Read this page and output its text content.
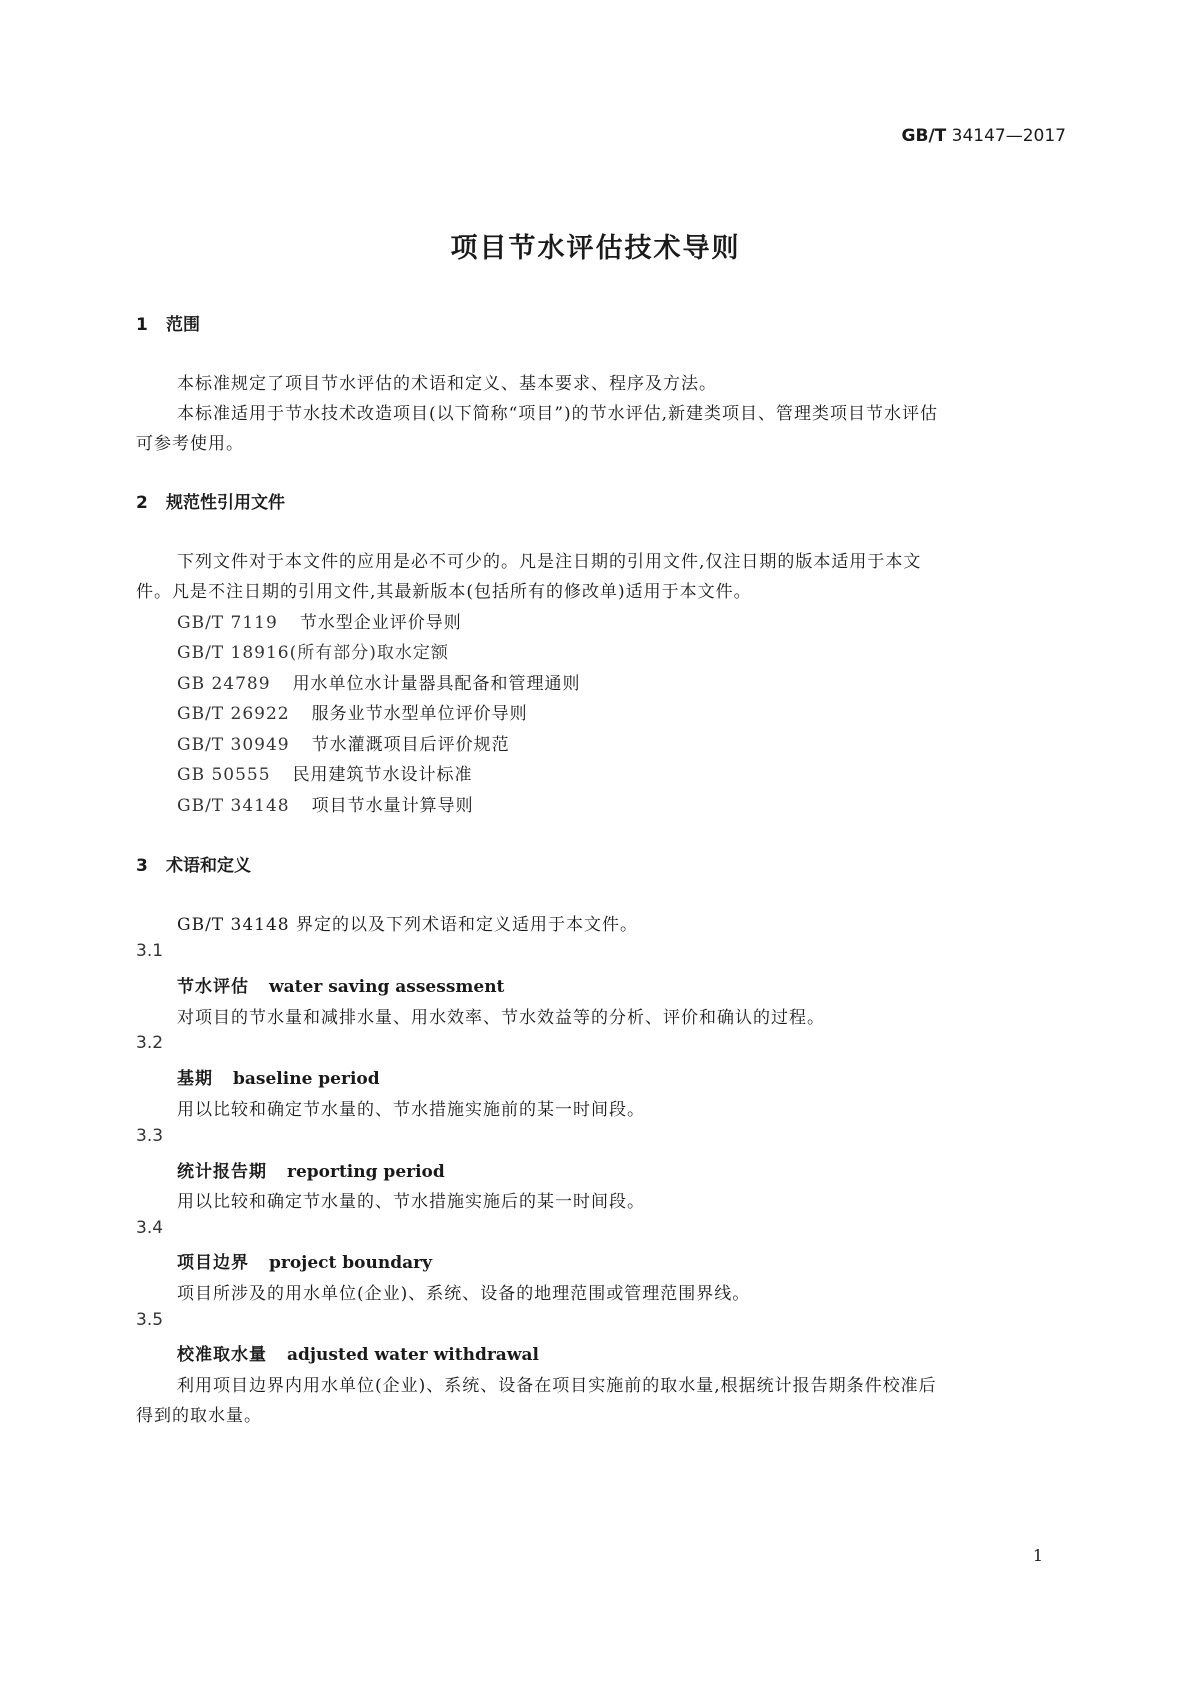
GB/T 34147—2017
项目节水评估技术导则
1 范围
本标准规定了项目节水评估的术语和定义、基本要求、程序及方法。
本标准适用于节水技术改造项目(以下简称“项目”)的节水评估,新建类项目、管理类项目节水评估
可参考使用。
2 规范性引用文件
下列文件对于本文件的应用是必不可少的。凡是注日期的引用文件,仅注日期的版本适用于本文
件。凡是不注日期的引用文件,其最新版本(包括所有的修改单)适用于本文件。
GB/T 7119 节水型企业评价导则
GB/T 18916(所有部分)取水定额
GB 24789 用水单位水计量器具配备和管理通则
GB/T 26922 服务业节水型单位评价导则
GB/T 30949 节水灌溉项目后评价规范
GB 50555 民用建筑节水设计标准
GB/T 34148 项目节水量计算导则
3 术语和定义
GB/T 34148 界定的以及下列术语和定义适用于本文件。
3.1
节水评估 water saving assessment
对项目的节水量和减排水量、用水效率、节水效益等的分析、评价和确认的过程。
3.2
基期 baseline period
用以比较和确定节水量的、节水措施实施前的某一时间段。
3.3
统计报告期 reporting period
用以比较和确定节水量的、节水措施实施后的某一时间段。
3.4
项目边界 project boundary
项目所涉及的用水单位(企业)、系统、设备的地理范围或管理范围界线。
3.5
校准取水量 adjusted water withdrawal
利用项目边界内用水单位(企业)、系统、设备在项目实施前的取水量,根据统计报告期条件校准后
得到的取水量。
1
